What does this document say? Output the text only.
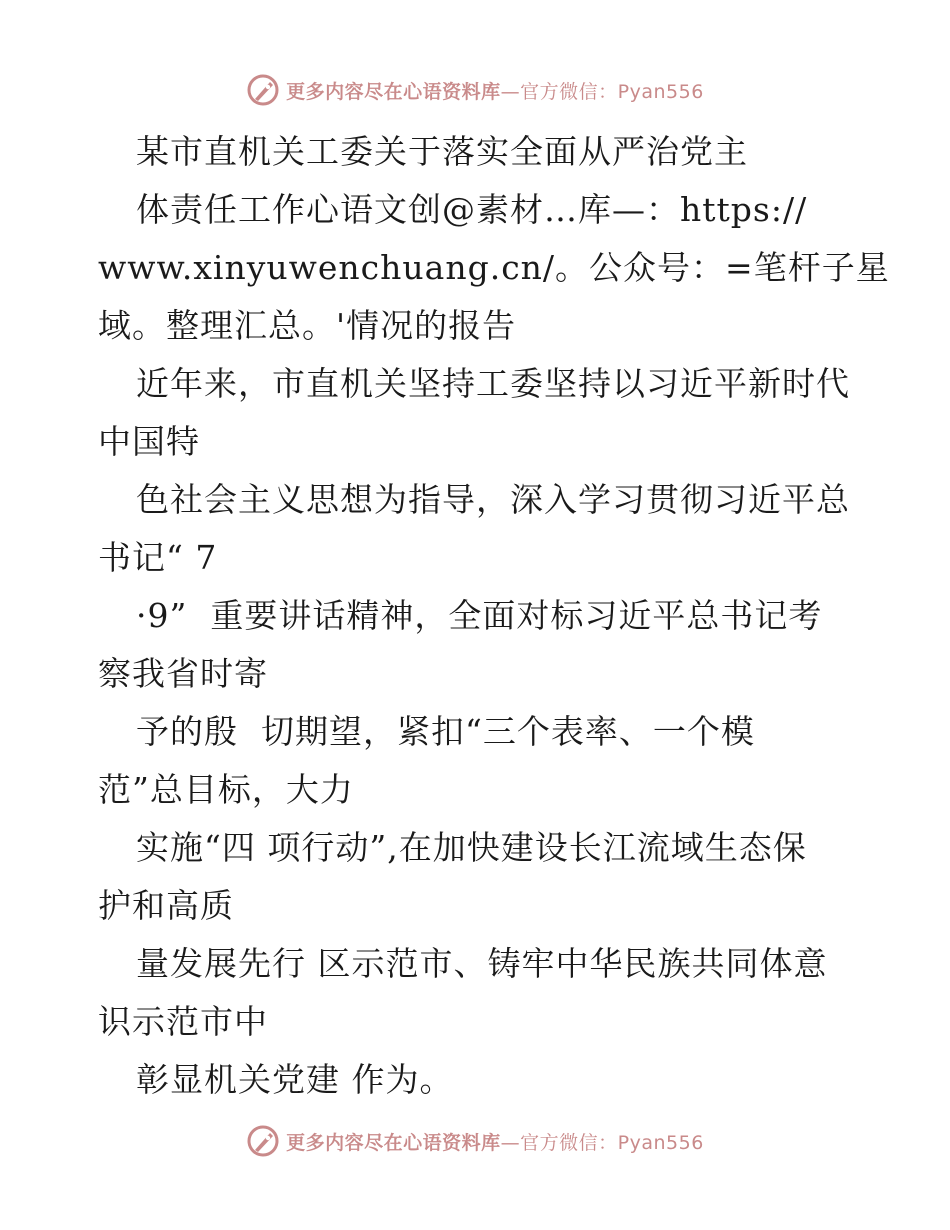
更多内容尽在心语资料库—官方微信：Pyan556
某市直机关工委关于落实全面从严治党主
体责任工作心语文创@素材…库—：https://
www.xinyuwenchuang.cn/。公众号：=笔杆子星
域。整理汇总。'情况的报告
近年来，市直机关坚持工委坚持以习近平新时代
中国特
色社会主义思想为指导，深入学习贯彻习近平总
书记“ 7
·9”  重要讲话精神，全面对标习近平总书记考
察我省时寄
予的殷  切期望，紧扣“三个表率、一个模
范”总目标，大力
实施“四 项行动”,在加快建设长江流域生态保
护和高质
量发展先行 区示范市、铸牢中华民族共同体意
识示范市中
彰显机关党建 作为。
更多内容尽在心语资料库—官方微信：Pyan556
